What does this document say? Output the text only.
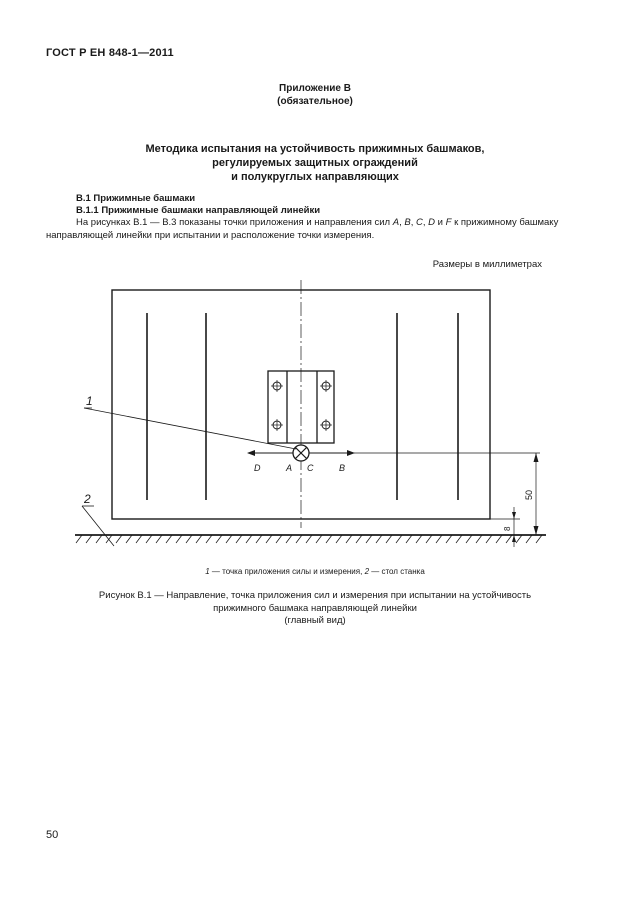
ГОСТ Р ЕН 848-1—2011
Приложение В
(обязательное)
Методика испытания на устойчивость прижимных башмаков,
регулируемых защитных ограждений
и полукруглых направляющих
В.1 Прижимные башмаки
В.1.1 Прижимные башмаки направляющей линейки
На рисунках В.1 — В.3 показаны точки приложения и направления сил A, B, C, D и F к прижимному башмаку направляющей линейки при испытании и расположение точки измерения.
Размеры в миллиметрах
1
2
D	A C	B
50
8
1 — точка приложения силы и измерения, 2 — стол станка
Рисунок В.1 — Направление, точка приложения сил и измерения при испытании на устойчивость
прижимного башмака направляющей линейки
(главный вид)
50
